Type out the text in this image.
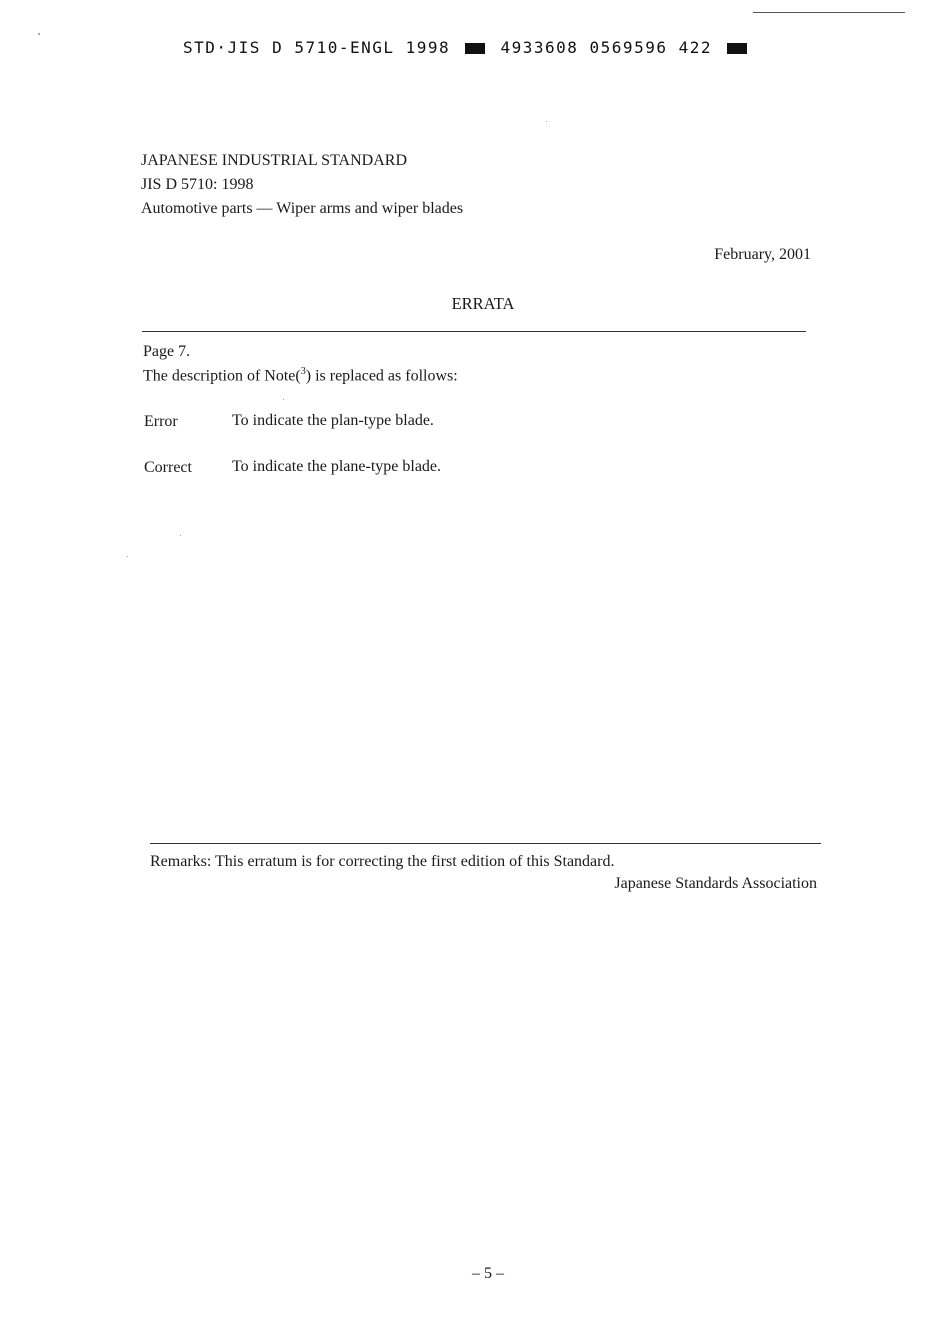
STD·JIS D 5710-ENGL 1998	4933608 0569596 422
JAPANESE INDUSTRIAL STANDARD
JIS D 5710: 1998
Automotive parts — Wiper arms and wiper blades
February, 2001
ERRATA
Page 7.
The description of Note($^3$) is replaced as follows:
Error	To indicate the plan-type blade.
Correct	To indicate the plane-type blade.
Remarks: This erratum is for correcting the first edition of this Standard.
Japanese Standards Association
– 5 –
